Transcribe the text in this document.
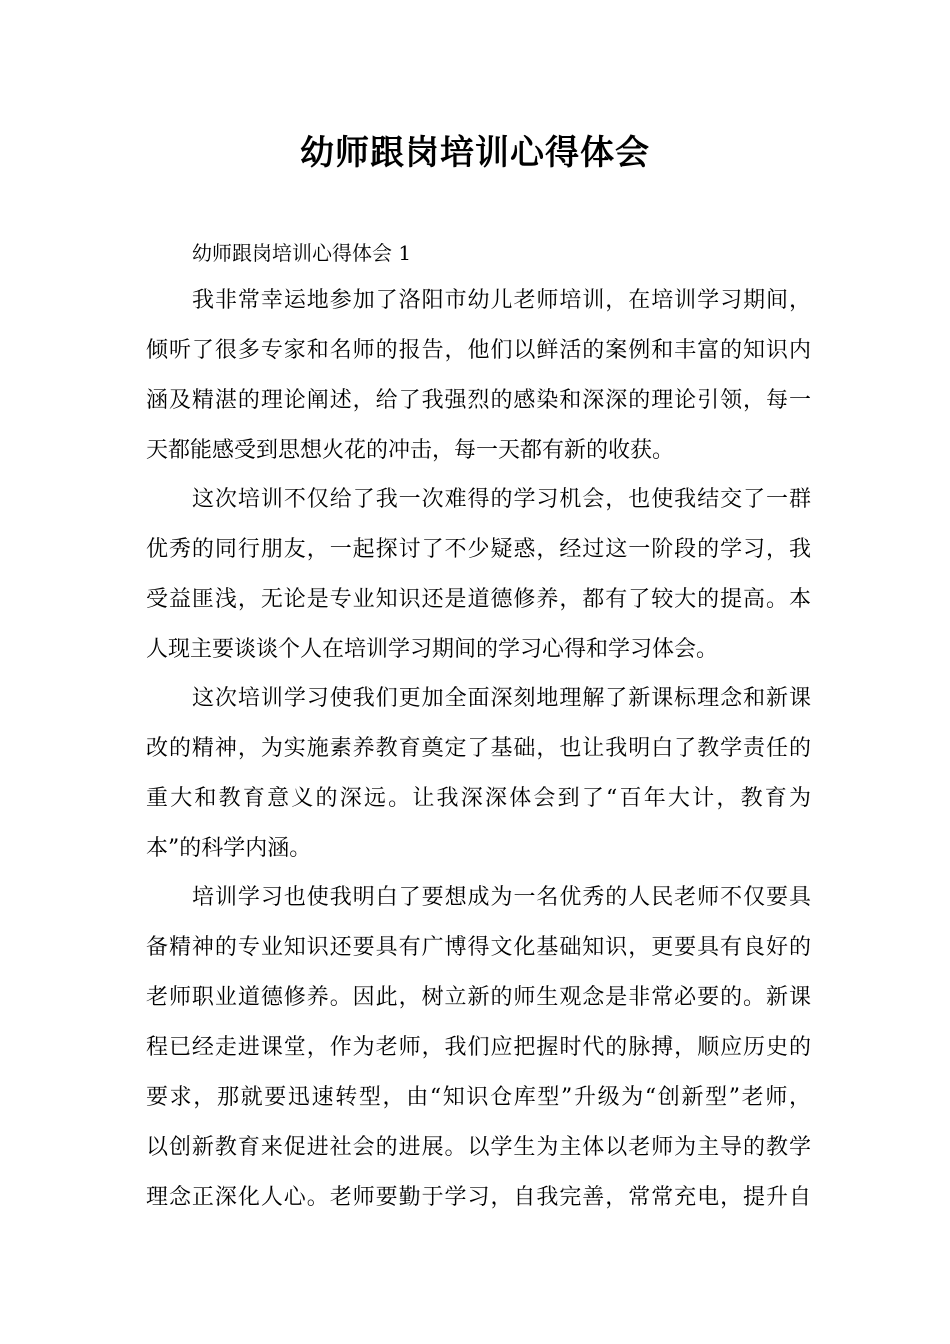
幼师跟岗培训心得体会
幼师跟岗培训心得体会 1
我非常幸运地参加了洛阳市幼儿老师培训，在培训学习期间，
倾听了很多专家和名师的报告，他们以鲜活的案例和丰富的知识内
涵及精湛的理论阐述，给了我强烈的感染和深深的理论引领，每一
天都能感受到思想火花的冲击，每一天都有新的收获。
这次培训不仅给了我一次难得的学习机会，也使我结交了一群
优秀的同行朋友，一起探讨了不少疑惑，经过这一阶段的学习，我
受益匪浅，无论是专业知识还是道德修养，都有了较大的提高。本
人现主要谈谈个人在培训学习期间的学习心得和学习体会。
这次培训学习使我们更加全面深刻地理解了新课标理念和新课
改的精神，为实施素养教育奠定了基础，也让我明白了教学责任的
重大和教育意义的深远。让我深深体会到了“百年大计，教育为
本”的科学内涵。
培训学习也使我明白了要想成为一名优秀的人民老师不仅要具
备精神的专业知识还要具有广博得文化基础知识，更要具有良好的
老师职业道德修养。因此，树立新的师生观念是非常必要的。新课
程已经走进课堂，作为老师，我们应把握时代的脉搏，顺应历史的
要求，那就要迅速转型，由“知识仓库型”升级为“创新型”老师，
以创新教育来促进社会的进展。以学生为主体以老师为主导的教学
理念正深化人心。老师要勤于学习，自我完善，常常充电，提升自
